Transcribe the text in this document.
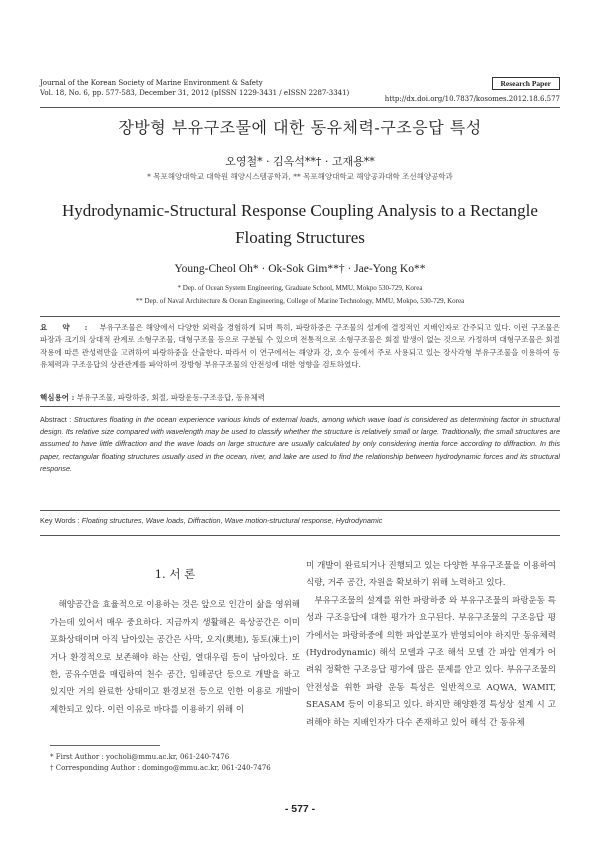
Journal of the Korean Society of Marine Environment & Safety
Vol. 18, No. 6, pp. 577-583, December 31, 2012 (pISSN 1229-3431 / eISSN 2287-3341)
Research Paper
http://dx.doi.org/10.7837/kosomes.2012.18.6.577
장방형 부유구조물에 대한 동유체력-구조응답 특성
오영철* · 김옥석**† · 고재용**
* 목포해양대학교 대학원 해양시스템공학과, ** 목포해양대학교 해양공과대학 조선해양공학과
Hydrodynamic-Structural Response Coupling Analysis to a Rectangle Floating Structures
Young-Cheol Oh* · Ok-Sok Gim**† · Jae-Yong Ko**
* Dep. of Ocean System Engineering, Graduate School, MMU, Mokpo 530-729, Korea
** Dep. of Naval Architecture & Ocean Engineering, College of Marine Technology, MMU, Mokpo, 530-729, Korea
요 약 : 부유구조물은 해양에서 다양한 외력을 경험하게 되며 특히, 파랑하중은 구조물의 설계에 결정적인 지배인자로 간주되고 있다. 이런 구조물은 파장과 크기의 상대적 관계로 소형구조물, 대형구조물 등으로 구분될 수 있으며 전통적으로 소형구조물은 회절 발생이 없는 것으로 가정하며 대형구조물은 회절 작용에 따른 관성력만을 고려하여 파랑하중을 산출한다. 따라서 이 연구에서는 해양과 강, 호수 등에서 주로 사용되고 있는 장사각형 부유구조물을 이용하여 동유체력과 구조응답의 상관관계를 파악하여 장방형 부유구조물의 안전성에 대한 영향을 검토하였다.
핵심용어 : 부유구조물, 파랑하중, 회절, 파랑운동-구조응답, 동유체력
Abstract : Structures floating in the ocean experience various kinds of external loads, among which wave load is considered as determining factor in structural design. Its relative size compared with wavelength may be used to classify whether the structure is relatively small or large. Traditionally, the small structures are assumed to have little diffraction and the wave loads on large structure are usually calculated by only considering inertia force according to diffraction. In this paper, rectangular floating structures usually used in the ocean, river, and lake are used to find the relationship between hydrodynamic forces and its structural response.
Key Words : Floating structures, Wave loads, Diffraction, Wave motion-structural response, Hydrodynamic
1. 서 론

해양공간을 효율적으로 이용하는 것은 앞으로 인간이 삶을 영위해 가는데 있어서 매우 중요하다. 지금까지 생활해온 육상공간은 이미 포화상태이며 아직 남아있는 공간은 사막, 오지(奧地), 동토(凍土)이거나 환경적으로 보존해야 하는 산림, 열대우림 등이 남아있다. 또한, 공유수면을 매립하여 천수 공간, 임해공단 등으로 개발을 하고 있지만 거의 완료한 상태이고 환경보전 등으로 인한 이용로 개발이 제한되고 있다. 이런 이유로 바다를 이용하기 위해 이

미 개발이 완료되거나 진행되고 있는 다양한 부유구조물을 이용하여 식량, 거주 공간, 자원을 확보하기 위해 노력하고 있다.

부유구조물의 설계를 위한 파랑하중 와 부유구조물의 파랑운동 특성과 구조응답에 대한 평가가 요구된다. 부유구조물의 구조응답 평가에서는 파랑하중에 의한 파압분포가 반영되어야 하지만 동유체력(Hydrodynamic) 해석 모델과 구조 해석 모델 간 파압 연계가 어려워 정확한 구조응답 평가에 많은 문제를 안고 있다. 부유구조물의 안전성을 위한 파랑 운동 특성은 일반적으로 AQWA, WAMIT, SEASAM 등이 이용되고 있다. 하지만 해양환경 특성상 설계 시 고려해야 하는 지배인자가 다수 존재하고 있어 해석 간 동유체

* First Author : yocholi@mmu.ac.kr, 061-240-7476
† Corresponding Author : domingo@mmu.ac.kr, 061-240-7476
- 577 -
